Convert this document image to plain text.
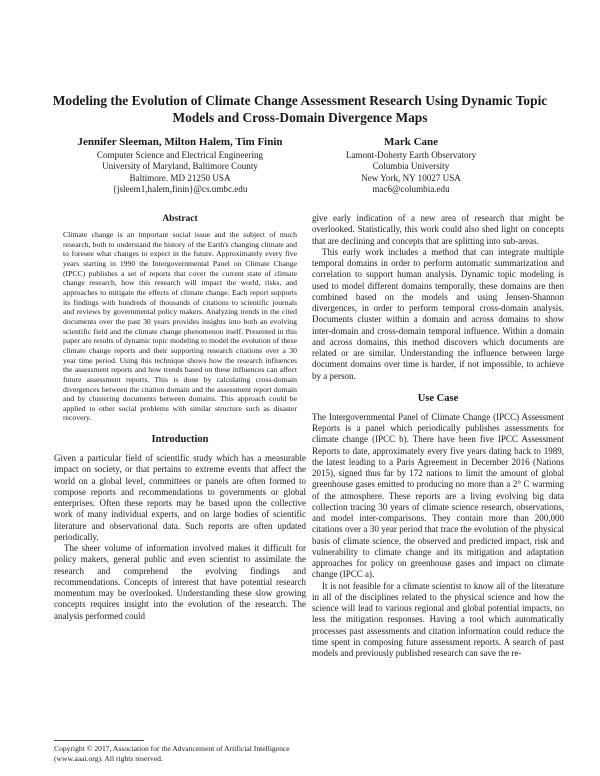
Modeling the Evolution of Climate Change Assessment Research Using Dynamic Topic Models and Cross-Domain Divergence Maps
Jennifer Sleeman, Milton Halem, Tim Finin
Computer Science and Electrical Engineering
University of Maryland, Baltimore County
Baltimore. MD 21250 USA
{jsleem1,halem,finin}@cs.umbc.edu
Mark Cane
Lamont-Doherty Earth Observatory
Columbia University
New York, NY 10027 USA
mac6@columbia.edu
Abstract

Climate change is an important social issue and the subject of much research, both to understand the history of the Earth's changing climate and to foresee what changes to expect in the future. Approximately every five years starting in 1990 the Intergovernmental Panel on Climate Change (IPCC) publishes a set of reports that cover the current state of climate change research, how this research will impact the world, risks, and approaches to mitigate the effects of climate change. Each report supports its findings with hundreds of thousands of citations to scientific journals and reviews by governmental policy makers. Analyzing trends in the cited documents over the past 30 years provides insights into both an evolving scientific field and the climate change phenomenon itself. Presented in this paper are results of dynamic topic modeling to model the evolution of these climate change reports and their supporting research citations over a 30 year time period. Using this technique shows how the research influences the assessment reports and how trends based on these influences can affect future assessment reports. This is done by calculating cross-domain divergences between the citation domain and the assessment report domain and by clustering documents between domains. This approach could be applied to other social problems with similar structure such as disaster recovery.

Introduction

Given a particular field of scientific study which has a measurable impact on society, or that pertains to extreme events that affect the world on a global level, committees or panels are often formed to compose reports and recommendations to governments or global enterprises. Often these reports may be based upon the collective work of many individual experts, and on large bodies of scientific literature and observational data. Such reports are often updated periodically.

The sheer volume of information involved makes it difficult for policy makers, general public and even scientist to assimilate the research and comprehend the evolving findings and recommendations. Concepts of interest that have potential research momentum may be overlooked. Understanding these slow growing concepts requires insight into the evolution of the research. The analysis performed could

Copyright © 2017, Association for the Advancement of Artificial Intelligence (www.aaai.org). All rights reserved.

give early indication of a new area of research that might be overlooked. Statistically, this work could also shed light on concepts that are declining and concepts that are splitting into sub-areas.

This early work includes a method that can integrate multiple temporal domains in order to perform automatic summarization and correlation to support human analysis. Dynamic topic modeling is used to model different domains temporally, these domains are then combined based on the models and using Jensen-Shannon divergences, in order to perform temporal cross-domain analysis. Documents cluster within a domain and across domains to show inter-domain and cross-domain temporal influence. Within a domain and across domains, this method discovers which documents are related or are similar. Understanding the influence between large document domains over time is harder, if not impossible, to achieve by a person.

Use Case

The Intergovernmental Panel of Climate Change (IPCC) Assessment Reports is a panel which periodically publishes assessments for climate change (IPCC b). There have been five IPCC Assessment Reports to date, approximately every five years dating back to 1989, the latest leading to a Paris Agreement in December 2016 (Nations 2015), signed thus far by 172 nations to limit the amount of global greenhouse gases emitted to producing no more than a 2° C warming of the atmosphere. These reports are a living evolving big data collection tracing 30 years of climate science research, observations, and model inter-comparisons. They contain more than 200,000 citations over a 30 year period that trace the evolution of the physical basis of climate science, the observed and predicted impact, risk and vulnerability to climate change and its mitigation and adaptation approaches for policy on greenhouse gases and impact on climate change (IPCC a).

It is not feasible for a climate scientist to know all of the literature in all of the disciplines related to the physical science and how the science will lead to various regional and global potential impacts, no less the mitigation responses. Having a tool which automatically processes past assessments and citation information could reduce the time spent in composing future assessment reports. A search of past models and previously published research can save the re-
